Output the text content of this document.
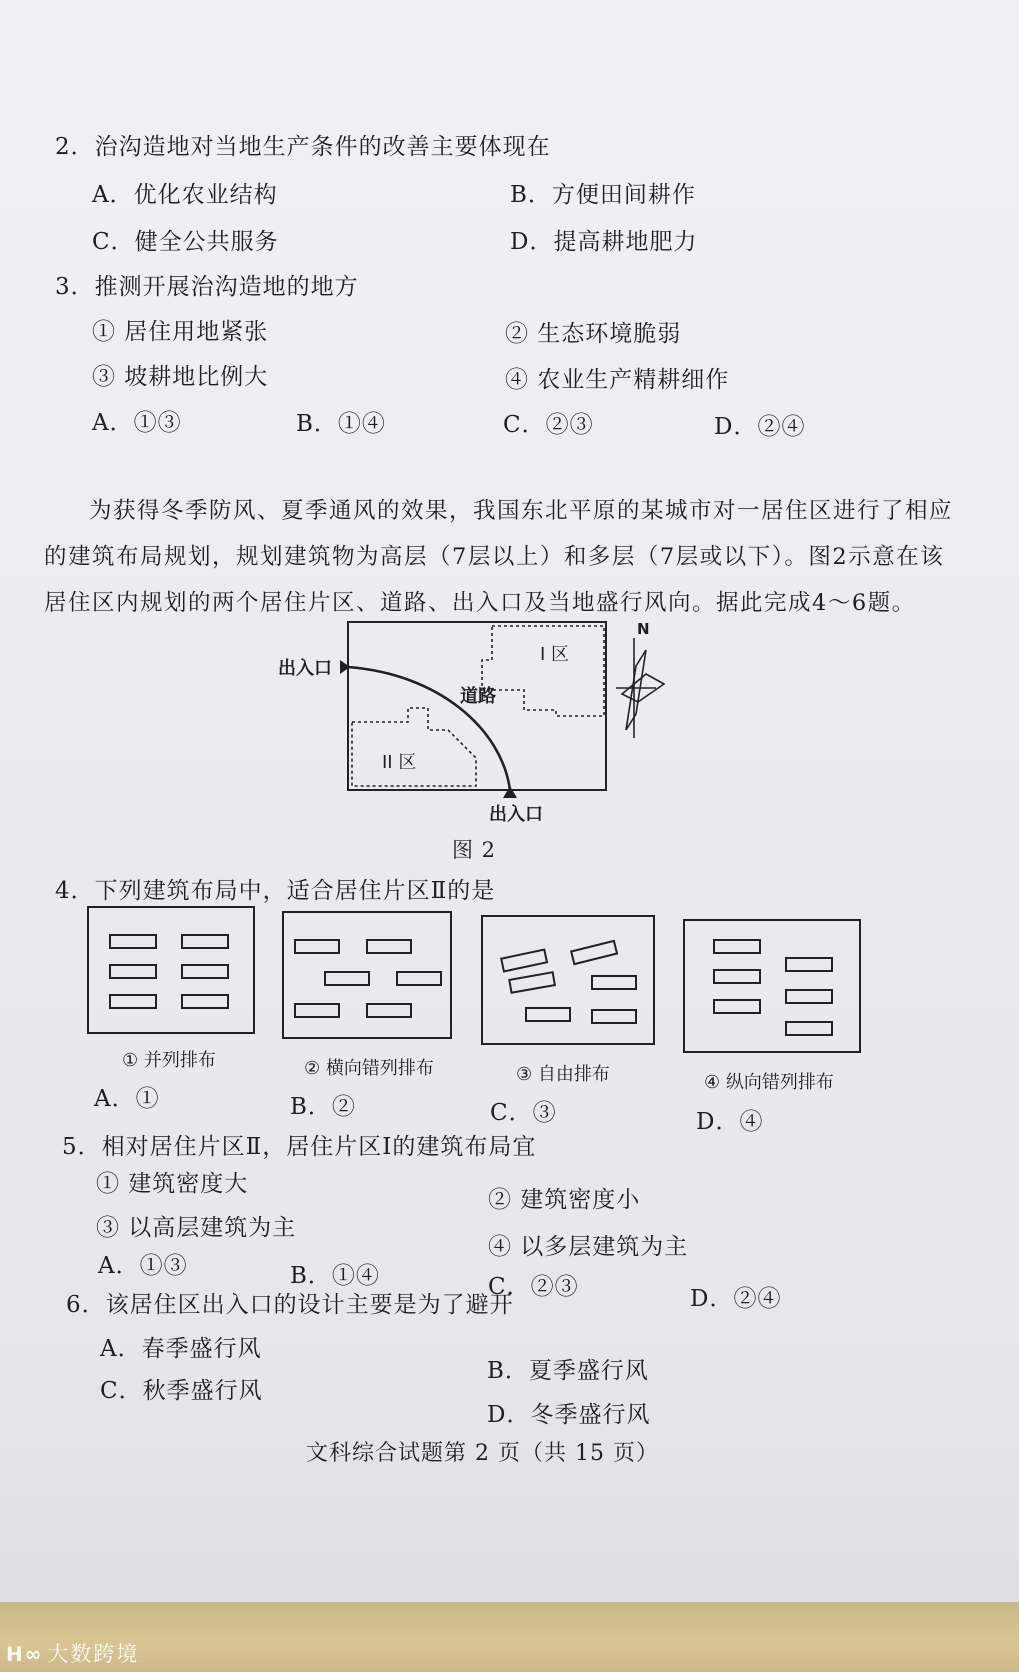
2．治沟造地对当地生产条件的改善主要体现在
A．优化农业结构	B．方便田间耕作
C．健全公共服务	D．提高耕地肥力
3．推测开展治沟造地的地方
① 居住用地紧张	② 生态环境脆弱
③ 坡耕地比例大	④ 农业生产精耕细作
A．①③	B．①④	C．②③	D．②④

为获得冬季防风、夏季通风的效果，我国东北平原的某城市对一居住区进行了相应

的建筑布局规划，规划建筑物为高层（7层以上）和多层（7层或以下）。图2示意在该

居住区内规划的两个居住片区、道路、出入口及当地盛行风向。据此完成4～6题。

出入口
出入口
道路
I 区
II 区
N
图 2
4．下列建筑布局中，适合居住片区Ⅱ的是
① 并列排布	② 横向错列排布	③ 自由排布	④ 纵向错列排布
A．①	B．②	C．③	D．④
5．相对居住片区Ⅱ，居住片区Ⅰ的建筑布局宜
① 建筑密度大
② 建筑密度小
③ 以高层建筑为主
④ 以多层建筑为主
A．①③	B．①④	C．②③	D．②④
6．该居住区出入口的设计主要是为了避开
A．春季盛行风
B．夏季盛行风
C．秋季盛行风
D．冬季盛行风
文科综合试题第 2 页（共 15 页）
ᕼ∞ 大数跨境
